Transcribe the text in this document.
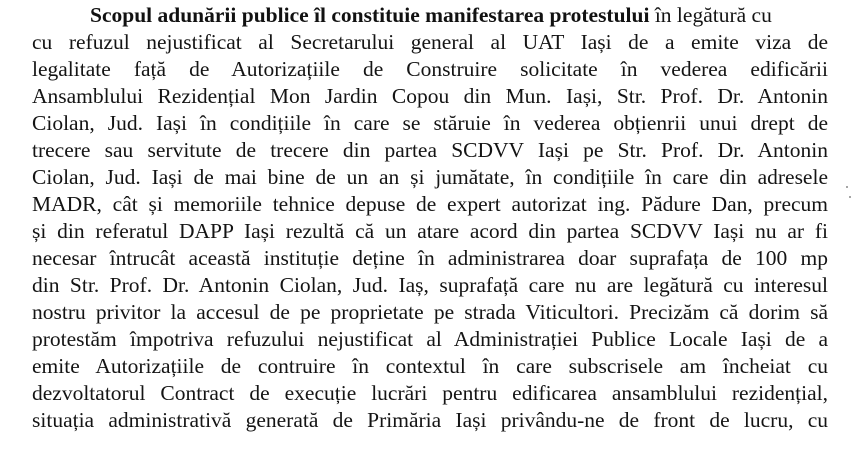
Scopul adunării publice îl constituie manifestarea protestului în legătură cu

cu refuzul nejustificat al Secretarului general al UAT Iași de a emite viza de

legalitate față de Autorizațiile de Construire solicitate în vederea edificării

Ansamblului Rezidențial Mon Jardin Copou din Mun. Iași, Str. Prof. Dr. Antonin

Ciolan, Jud. Iași în condițiile în care se stăruie în vederea obțienrii unui drept de

trecere sau servitute de trecere din partea SCDVV Iași pe Str. Prof. Dr. Antonin

Ciolan, Jud. Iași de mai bine de un an și jumătate, în condițiile în care din adresele

MADR, cât și memoriile tehnice depuse de expert autorizat ing. Pădure Dan, precum

și din referatul DAPP Iași rezultă că un atare acord din partea SCDVV Iași nu ar fi

necesar întrucât această instituție deține în administrarea doar suprafața de 100 mp

din Str. Prof. Dr. Antonin Ciolan, Jud. Iaș, suprafață care nu are legătură cu interesul

nostru privitor la accesul de pe proprietate pe strada Viticultori. Precizăm că dorim să

protestăm împotriva refuzului nejustificat al Administrației Publice Locale Iași de a

emite Autorizațiile de contruire în contextul în care subscrisele am încheiat cu

dezvoltatorul Contract de execuție lucrări pentru edificarea ansamblului rezidențial,

situația administrativă generată de Primăria Iași privându-ne de front de lucru, cu
